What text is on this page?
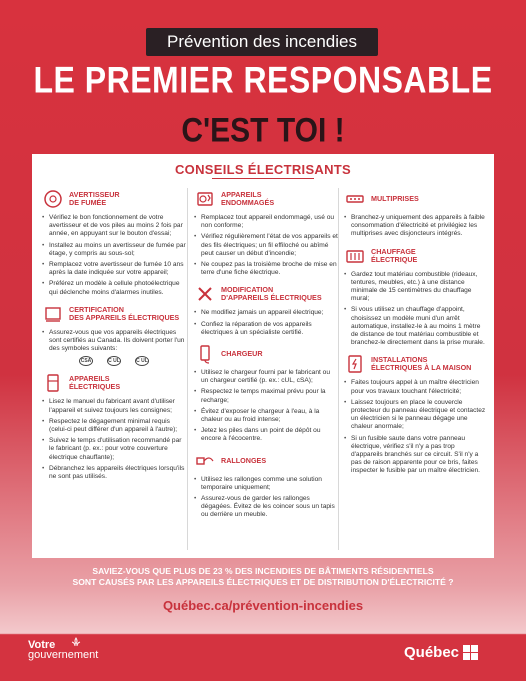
Prévention des incendies
LE PREMIER RESPONSABLE
C'EST TOI !
CONSEILS ÉLECTRISANTS
AVERTISSEUR
DE FUMÉE
• Vérifiez le bon fonctionnement de votre avertisseur et de vos piles au moins 2 fois par année, en appuyant sur le bouton d'essai;
• Installez au moins un avertisseur de fumée par étage, y compris au sous-sol;
• Remplacez votre avertisseur de fumée 10 ans après la date indiquée sur votre appareil;
• Préférez un modèle à cellule photoélectrique qui déclenche moins d'alarmes inutiles.
CERTIFICATION
DES APPAREILS ÉLECTRIQUES
• Assurez-vous que vos appareils électriques sont certifiés au Canada. Ils doivent porter l'un des symboles suivants:
CSA	C UL	C UL
APPAREILS
ÉLECTRIQUES
• Lisez le manuel du fabricant avant d'utiliser l'appareil et suivez toujours les consignes;
• Respectez le dégagement minimal requis (celui-ci peut différer d'un appareil à l'autre);
• Suivez le temps d'utilisation recommandé par le fabricant (p. ex.: pour votre couverture électrique chauffante);
• Débranchez les appareils électriques lorsqu'ils ne sont pas utilisés.
APPAREILS
ENDOMMAGÉS
• Remplacez tout appareil endommagé, usé ou non conforme;
• Vérifiez régulièrement l'état de vos appareils et des fils électriques; un fil effiloché ou abîmé peut causer un début d'incendie;
• Ne coupez pas la troisième broche de mise en terre d'une fiche électrique.
MODIFICATION
D'APPAREILS ÉLECTRIQUES
• Ne modifiez jamais un appareil électrique;
• Confiez la réparation de vos appareils électriques à un spécialiste certifié.
CHARGEUR
• Utilisez le chargeur fourni par le fabricant ou un chargeur certifié (p. ex.: cUL, cSA);
• Respectez le temps maximal prévu pour la recharge;
• Évitez d'exposer le chargeur à l'eau, à la chaleur ou au froid intense;
• Jetez les piles dans un point de dépôt ou encore à l'écocentre.
RALLONGES
• Utilisez les rallonges comme une solution temporaire uniquement;
• Assurez-vous de garder les rallonges dégagées. Évitez de les coincer sous un tapis ou derrière un meuble.
MULTIPRISES
• Branchez-y uniquement des appareils à faible consommation d'électricité et privilégiez les multiprises avec disjoncteurs intégrés.
CHAUFFAGE
ÉLECTRIQUE
• Gardez tout matériau combustible (rideaux, tentures, meubles, etc.) à une distance minimale de 15 centimètres du chauffage mural;
• Si vous utilisez un chauffage d'appoint, choisissez un modèle muni d'un arrêt automatique, installez-le à au moins 1 mètre de distance de tout matériau combustible et branchez-le directement dans la prise murale.
INSTALLATIONS
ÉLECTRIQUES À LA MAISON
• Faites toujours appel à un maître électricien pour vos travaux touchant l'électricité;
• Laissez toujours en place le couvercle protecteur du panneau électrique et contactez un électricien si le panneau dégage une chaleur anormale;
• Si un fusible saute dans votre panneau électrique, vérifiez s'il n'y a pas trop d'appareils branchés sur ce circuit. S'il n'y a pas de raison apparente pour ce bris, faites inspecter le fusible par un maître électricien.
SAVIEZ-VOUS QUE PLUS DE 23 % DES INCENDIES DE BÂTIMENTS RÉSIDENTIELS
SONT CAUSÉS PAR LES APPAREILS ÉLECTRIQUES ET DE DISTRIBUTION D'ÉLECTRICITÉ ?
Québec.ca/prévention-incendies
Votre
gouvernement	Québec
